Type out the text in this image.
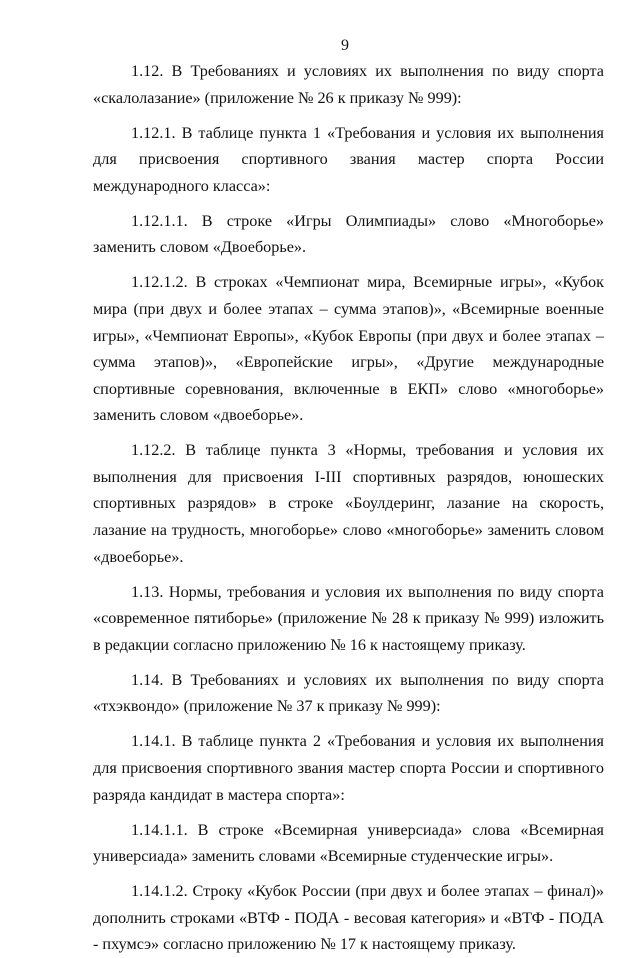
9

1.12. В Требованиях и условиях их выполнения по виду спорта «скалолазание» (приложение № 26 к приказу № 999):

1.12.1. В таблице пункта 1 «Требования и условия их выполнения для присвоения спортивного звания мастер спорта России международного класса»:

1.12.1.1. В строке «Игры Олимпиады» слово «Многоборье» заменить словом «Двоеборье».

1.12.1.2. В строках «Чемпионат мира, Всемирные игры», «Кубок мира (при двух и более этапах – сумма этапов)», «Всемирные военные игры», «Чемпионат Европы», «Кубок Европы (при двух и более этапах – сумма этапов)», «Европейские игры», «Другие международные спортивные соревнования, включенные в ЕКП» слово «многоборье» заменить словом «двоеборье».

1.12.2. В таблице пункта 3 «Нормы, требования и условия их выполнения для присвоения I-III спортивных разрядов, юношеских спортивных разрядов» в строке «Боулдеринг, лазание на скорость, лазание на трудность, многоборье» слово «многоборье» заменить словом «двоеборье».

1.13. Нормы, требования и условия их выполнения по виду спорта «современное пятиборье» (приложение № 28 к приказу № 999) изложить в редакции согласно приложению № 16 к настоящему приказу.

1.14. В Требованиях и условиях их выполнения по виду спорта «тхэквондо» (приложение № 37 к приказу № 999):

1.14.1. В таблице пункта 2 «Требования и условия их выполнения для присвоения спортивного звания мастер спорта России и спортивного разряда кандидат в мастера спорта»:

1.14.1.1. В строке «Всемирная универсиада» слова «Всемирная универсиада» заменить словами «Всемирные студенческие игры».

1.14.1.2. Строку «Кубок России (при двух и более этапах – финал)» дополнить строками «ВТФ - ПОДА - весовая категория» и «ВТФ - ПОДА - пхумсэ» согласно приложению № 17 к настоящему приказу.
